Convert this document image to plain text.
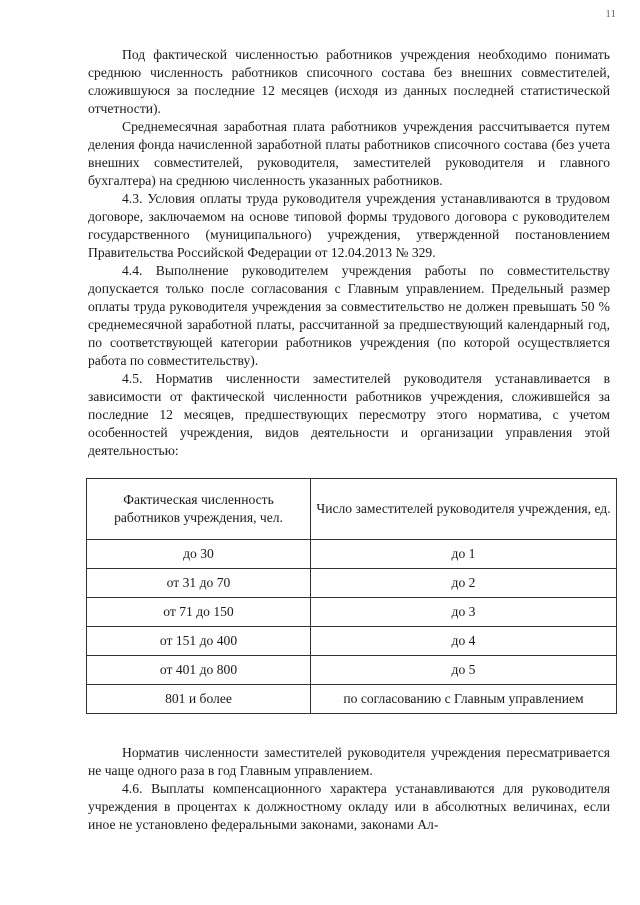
11

Под фактической численностью работников учреждения необходимо понимать среднюю численность работников списочного состава без внешних совместителей, сложившуюся за последние 12 месяцев (исходя из данных последней статистической отчетности).

Среднемесячная заработная плата работников учреждения рассчитывается путем деления фонда начисленной заработной платы работников списочного состава (без учета внешних совместителей, руководителя, заместителей руководителя и главного бухгалтера) на среднюю численность указанных работников.

4.3. Условия оплаты труда руководителя учреждения устанавливаются в трудовом договоре, заключаемом на основе типовой формы трудового договора с руководителем государственного (муниципального) учреждения, утвержденной постановлением Правительства Российской Федерации от 12.04.2013 № 329.

4.4. Выполнение руководителем учреждения работы по совместительству допускается только после согласования с Главным управлением. Предельный размер оплаты труда руководителя учреждения за совместительство не должен превышать 50 % среднемесячной заработной платы, рассчитанной за предшествующий календарный год, по соответствующей категории работников учреждения (по которой осуществляется работа по совместительству).

4.5. Норматив численности заместителей руководителя устанавливается в зависимости от фактической численности работников учреждения, сложившейся за последние 12 месяцев, предшествующих пересмотру этого норматива, с учетом особенностей учреждения, видов деятельности и организации управления этой деятельностью:

Фактическая численность работников учреждения, чел.	Число заместителей руководителя учреждения, ед.
до 30	до 1
от 31 до 70	до 2
от 71 до 150	до 3
от 151 до 400	до 4
от 401 до 800	до 5
801 и более	по согласованию с Главным управлением

Норматив численности заместителей руководителя учреждения пересматривается не чаще одного раза в год Главным управлением.

4.6. Выплаты компенсационного характера устанавливаются для руководителя учреждения в процентах к должностному окладу или в абсолютных величинах, если иное не установлено федеральными законами, законами Ал-
